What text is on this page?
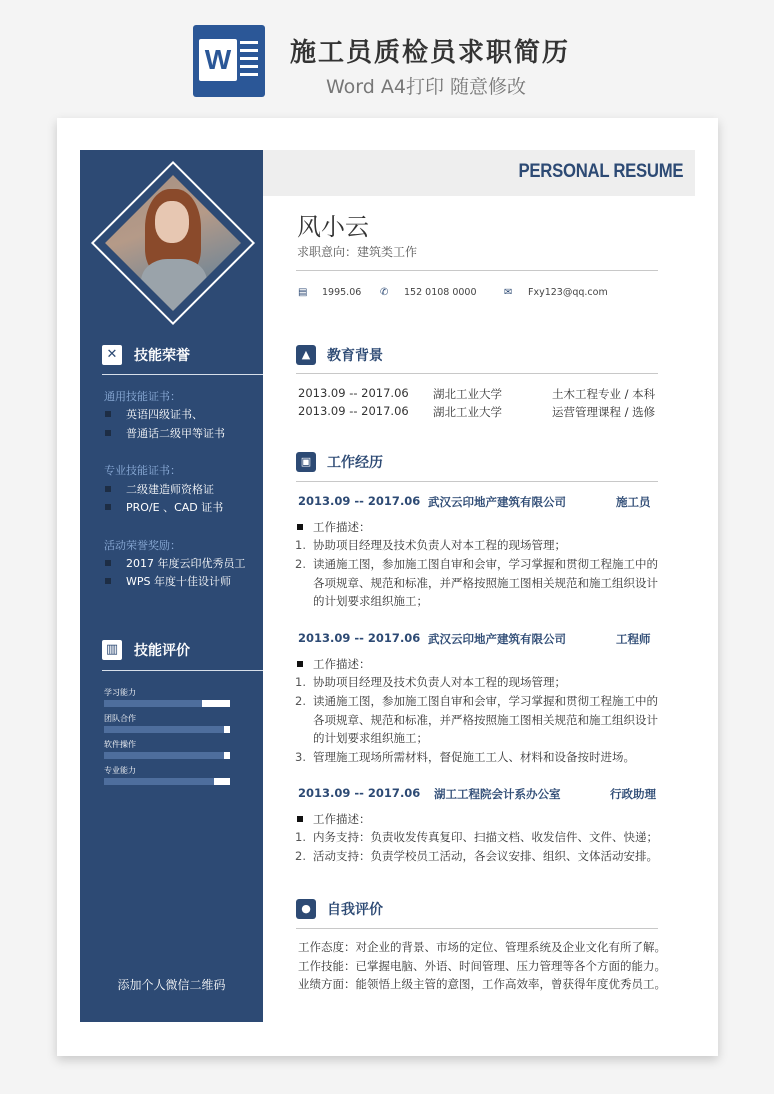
W 施工员质检员求职简历
Word A4打印 随意修改
✕	技能荣誉
通用技能证书：
英语四级证书、
普通话二级甲等证书
专业技能证书：
二级建造师资格证
PRO/E 、CAD 证书
活动荣誉奖励：
2017 年度云印优秀员工
WPS 年度十佳设计师
▥ 技能评价
学习能力
团队合作
软件操作
专业能力
添加个人微信二维码
PERSONAL RESUME
风小云
求职意向：建筑类工作
▤ 1995.06 ✆ 152 0108 0000	✉ Fxy123@qq.com
▲	教育背景
2013.09 -- 2017.06 湖北工业大学	土木工程专业 / 本科
2013.09 -- 2017.06 湖北工业大学	运营管理课程 / 选修
▣	工作经历
2013.09 -- 2017.06 武汉云印地产建筑有限公司	施工员
工作描述：
1. 协助项目经理及技术负责人对本工程的现场管理；
2. 读通施工图，参加施工图自审和会审，学习掌握和贯彻工程施工中的各项规章、规范和标准，并严格按照施工图相关规范和施工组织设计的计划要求组织施工；
2013.09 -- 2017.06 武汉云印地产建筑有限公司	工程师
工作描述：
1. 协助项目经理及技术负责人对本工程的现场管理；
2. 读通施工图，参加施工图自审和会审，学习掌握和贯彻工程施工中的各项规章、规范和标准，并严格按照施工图相关规范和施工组织设计的计划要求组织施工；
3. 管理施工现场所需材料，督促施工工人、材料和设备按时进场。
2013.09 -- 2017.06 湖工工程院会计系办公室	行政助理
工作描述：
1. 内务支持：负责收发传真复印、扫描文档、收发信件、文件、快递；
2. 活动支持：负责学校员工活动，各会议安排、组织、文体活动安排。
●	自我评价
工作态度：对企业的背景、市场的定位、管理系统及企业文化有所了解。
工作技能：已掌握电脑、外语、时间管理、压力管理等各个方面的能力。
业绩方面：能领悟上级主管的意图，工作高效率，曾获得年度优秀员工。
